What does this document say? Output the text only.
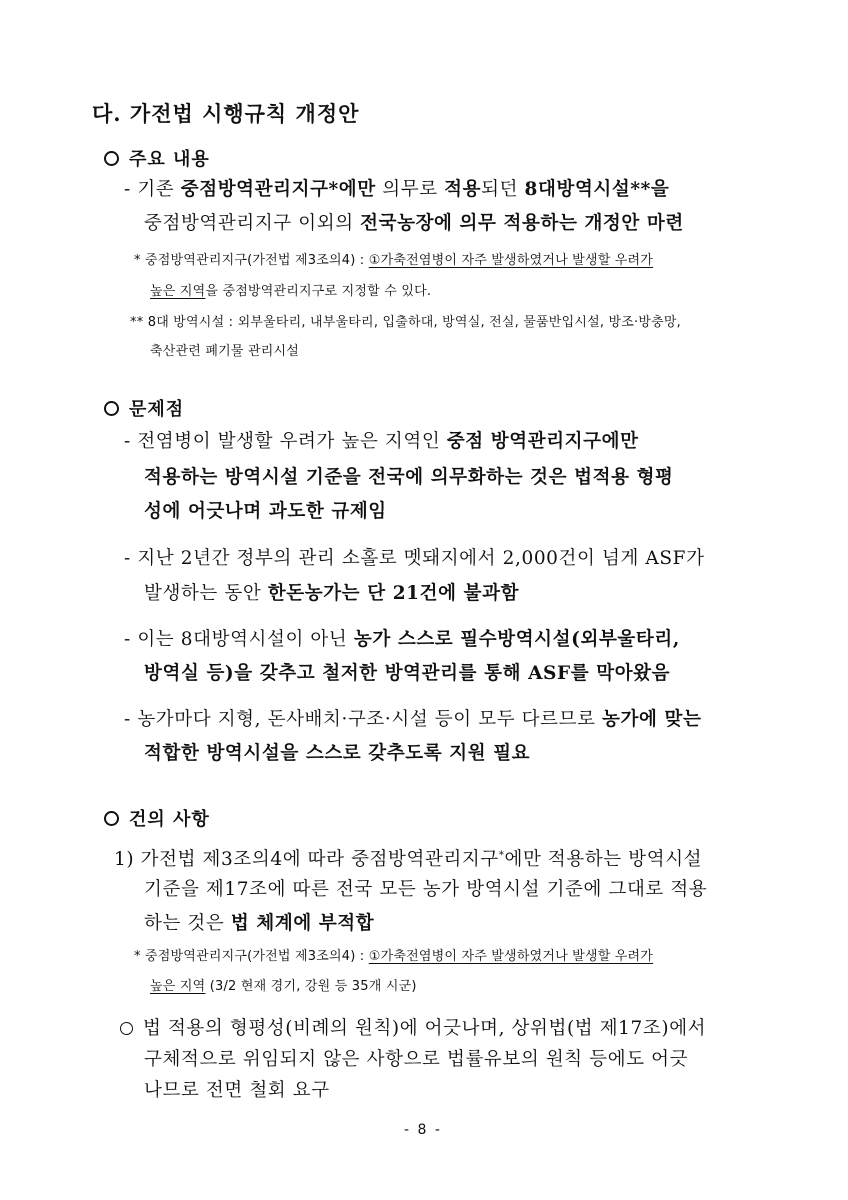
다. 가전법 시행규칙 개정안
주요 내용
- 기존 중점방역관리지구*에만 의무로 적용되던 8대방역시설**을
중점방역관리지구 이외의 전국농장에 의무 적용하는 개정안 마련
* 중점방역관리지구(가전법 제3조의4) : ①가축전염병이 자주 발생하였거나 발생할 우려가
높은 지역을 중점방역관리지구로 지정할 수 있다.
** 8대 방역시설 : 외부울타리, 내부울타리, 입출하대, 방역실, 전실, 물품반입시설, 방조·방충망,
축산관련 폐기물 관리시설
문제점
- 전염병이 발생할 우려가 높은 지역인 중점 방역관리지구에만
적용하는 방역시설 기준을 전국에 의무화하는 것은 법적용 형평
성에 어긋나며 과도한 규제임
- 지난 2년간 정부의 관리 소홀로 멧돼지에서 2,000건이 넘게 ASF가
발생하는 동안 한돈농가는 단 21건에 불과함
- 이는 8대방역시설이 아닌 농가 스스로 필수방역시설(외부울타리,
방역실 등)을 갖추고 철저한 방역관리를 통해 ASF를 막아왔음
- 농가마다 지형, 돈사배치·구조·시설 등이 모두 다르므로 농가에 맞는
적합한 방역시설을 스스로 갖추도록 지원 필요
건의 사항
1) 가전법 제3조의4에 따라 중점방역관리지구*에만 적용하는 방역시설
기준을 제17조에 따른 전국 모든 농가 방역시설 기준에 그대로 적용
하는 것은 법 체계에 부적합
* 중점방역관리지구(가전법 제3조의4) : ①가축전염병이 자주 발생하였거나 발생할 우려가
높은 지역 (3/2 현재 경기, 강원 등 35개 시군)
법 적용의 형평성(비례의 원칙)에 어긋나며, 상위법(법 제17조)에서
구체적으로 위임되지 않은 사항으로 법률유보의 원칙 등에도 어긋
나므로 전면 철회 요구
- 8 -
